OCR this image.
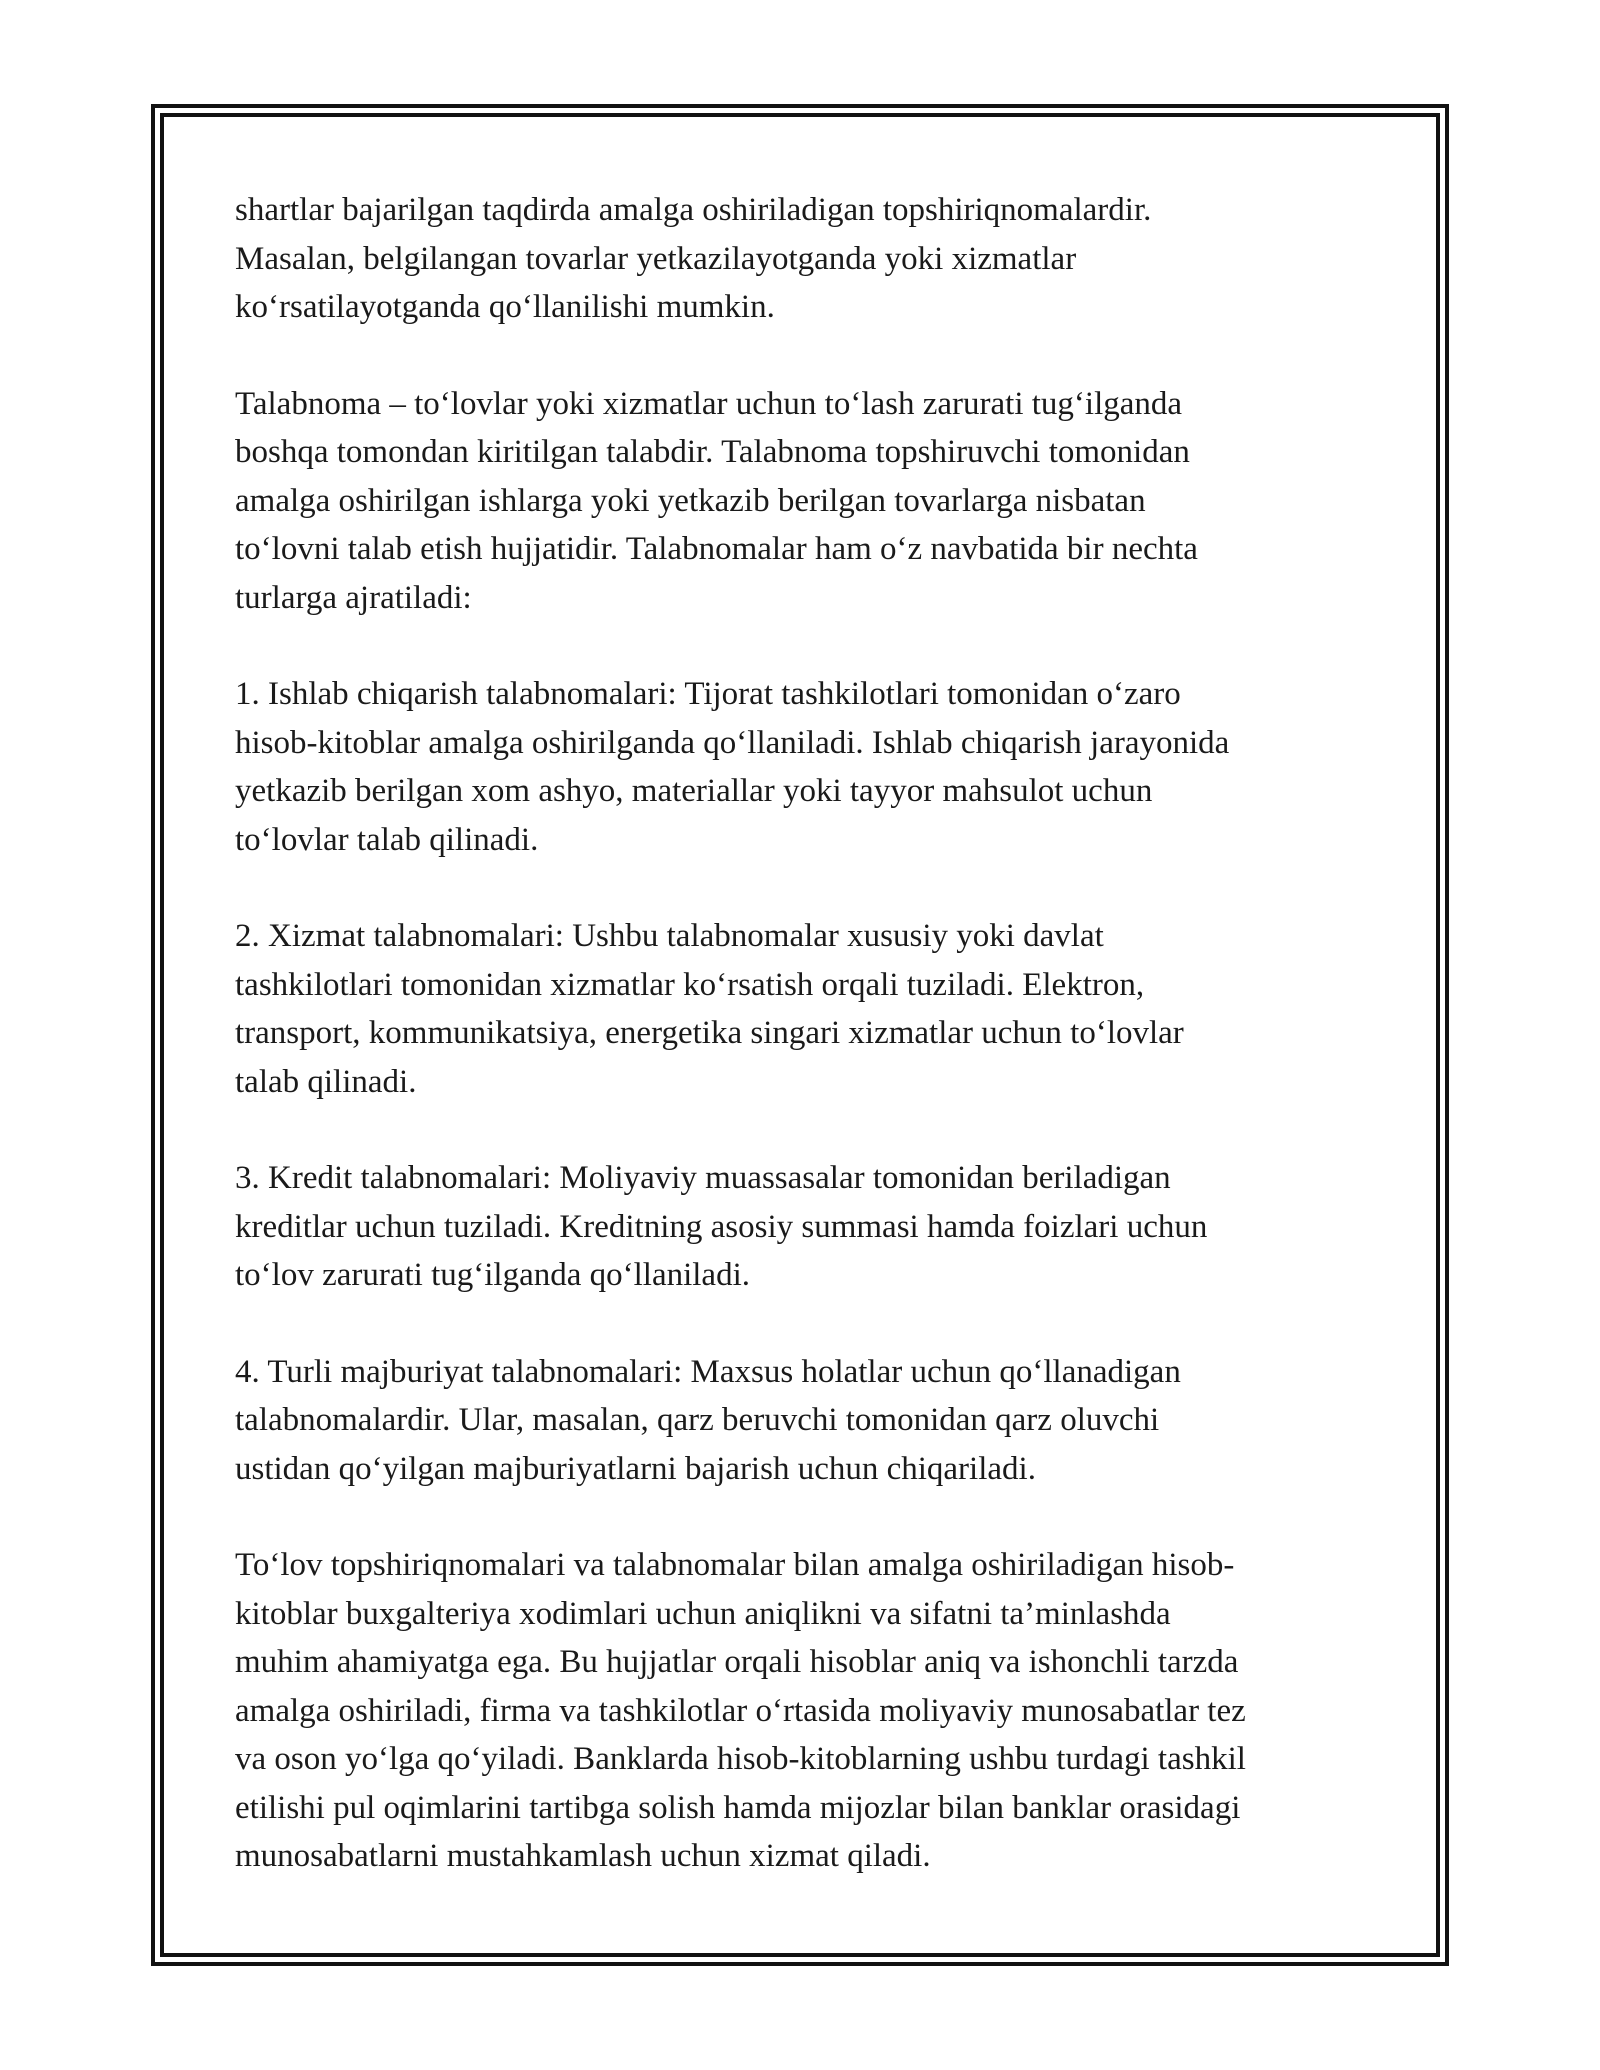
shartlar bajarilgan taqdirda amalga oshiriladigan topshiriqnomalardir.
Masalan, belgilangan tovarlar yetkazilayotganda yoki xizmatlar
ko‘rsatilayotganda qo‘llanilishi mumkin.

Talabnoma – to‘lovlar yoki xizmatlar uchun to‘lash zarurati tug‘ilganda
boshqa tomondan kiritilgan talabdir. Talabnoma topshiruvchi tomonidan
amalga oshirilgan ishlarga yoki yetkazib berilgan tovarlarga nisbatan
to‘lovni talab etish hujjatidir. Talabnomalar ham o‘z navbatida bir nechta
turlarga ajratiladi:

1. Ishlab chiqarish talabnomalari: Tijorat tashkilotlari tomonidan o‘zaro
hisob-kitoblar amalga oshirilganda qo‘llaniladi. Ishlab chiqarish jarayonida
yetkazib berilgan xom ashyo, materiallar yoki tayyor mahsulot uchun
to‘lovlar talab qilinadi.

2. Xizmat talabnomalari: Ushbu talabnomalar xususiy yoki davlat
tashkilotlari tomonidan xizmatlar ko‘rsatish orqali tuziladi. Elektron,
transport, kommunikatsiya, energetika singari xizmatlar uchun to‘lovlar
talab qilinadi.

3. Kredit talabnomalari: Moliyaviy muassasalar tomonidan beriladigan
kreditlar uchun tuziladi. Kreditning asosiy summasi hamda foizlari uchun
to‘lov zarurati tug‘ilganda qo‘llaniladi.

4. Turli majburiyat talabnomalari: Maxsus holatlar uchun qo‘llanadigan
talabnomalardir. Ular, masalan, qarz beruvchi tomonidan qarz oluvchi
ustidan qo‘yilgan majburiyatlarni bajarish uchun chiqariladi.

To‘lov topshiriqnomalari va talabnomalar bilan amalga oshiriladigan hisob-
kitoblar buxgalteriya xodimlari uchun aniqlikni va sifatni ta’minlashda
muhim ahamiyatga ega. Bu hujjatlar orqali hisoblar aniq va ishonchli tarzda
amalga oshiriladi, firma va tashkilotlar o‘rtasida moliyaviy munosabatlar tez
va oson yo‘lga qo‘yiladi. Banklarda hisob-kitoblarning ushbu turdagi tashkil
etilishi pul oqimlarini tartibga solish hamda mijozlar bilan banklar orasidagi
munosabatlarni mustahkamlash uchun xizmat qiladi.
